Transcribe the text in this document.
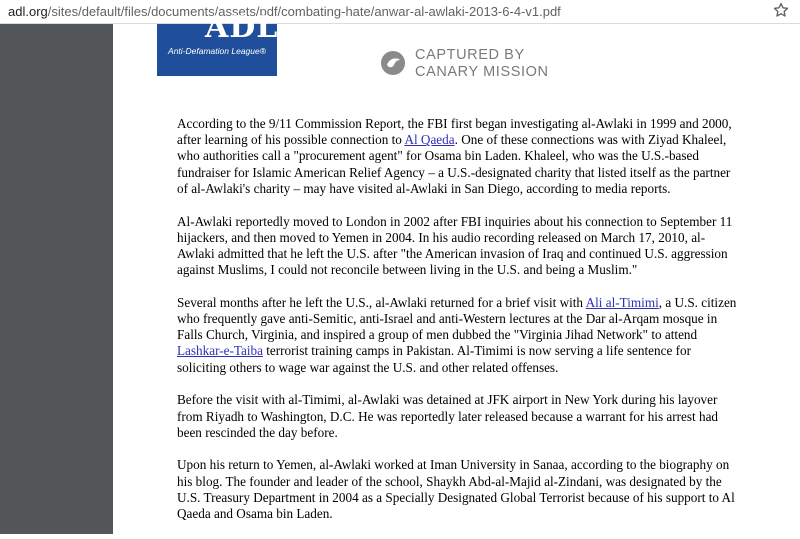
adl.org/sites/default/files/documents/assets/pdf/combating-hate/anwar-al-awlaki-2013-6-4-v1.pdf
ADL
Anti-Defamation League®	CAPTURED BY
CANARY MISSION

According to the 9/11 Commission Report, the FBI first began investigating al-Awlaki in 1999 and 2000, after learning of his possible connection to Al Qaeda. One of these connections was with Ziyad Khaleel, who authorities call a "procurement agent" for Osama bin Laden. Khaleel, who was the U.S.-based fundraiser for Islamic American Relief Agency – a U.S.-designated charity that listed itself as the partner of al-Awlaki's charity – may have visited al-Awlaki in San Diego, according to media reports.

Al-Awlaki reportedly moved to London in 2002 after FBI inquiries about his connection to September 11 hijackers, and then moved to Yemen in 2004. In his audio recording released on March 17, 2010, al-Awlaki admitted that he left the U.S. after "the American invasion of Iraq and continued U.S. aggression against Muslims, I could not reconcile between living in the U.S. and being a Muslim."

Several months after he left the U.S., al-Awlaki returned for a brief visit with Ali al-Timimi, a U.S. citizen who frequently gave anti-Semitic, anti-Israel and anti-Western lectures at the Dar al-Arqam mosque in Falls Church, Virginia, and inspired a group of men dubbed the "Virginia Jihad Network" to attend Lashkar-e-Taiba terrorist training camps in Pakistan. Al-Timimi is now serving a life sentence for soliciting others to wage war against the U.S. and other related offenses.

Before the visit with al-Timimi, al-Awlaki was detained at JFK airport in New York during his layover from Riyadh to Washington, D.C. He was reportedly later released because a warrant for his arrest had been rescinded the day before.

Upon his return to Yemen, al-Awlaki worked at Iman University in Sanaa, according to the biography on his blog. The founder and leader of the school, Shaykh Abd-al-Majid al-Zindani, was designated by the U.S. Treasury Department in 2004 as a Specially Designated Global Terrorist because of his support to Al Qaeda and Osama bin Laden.
